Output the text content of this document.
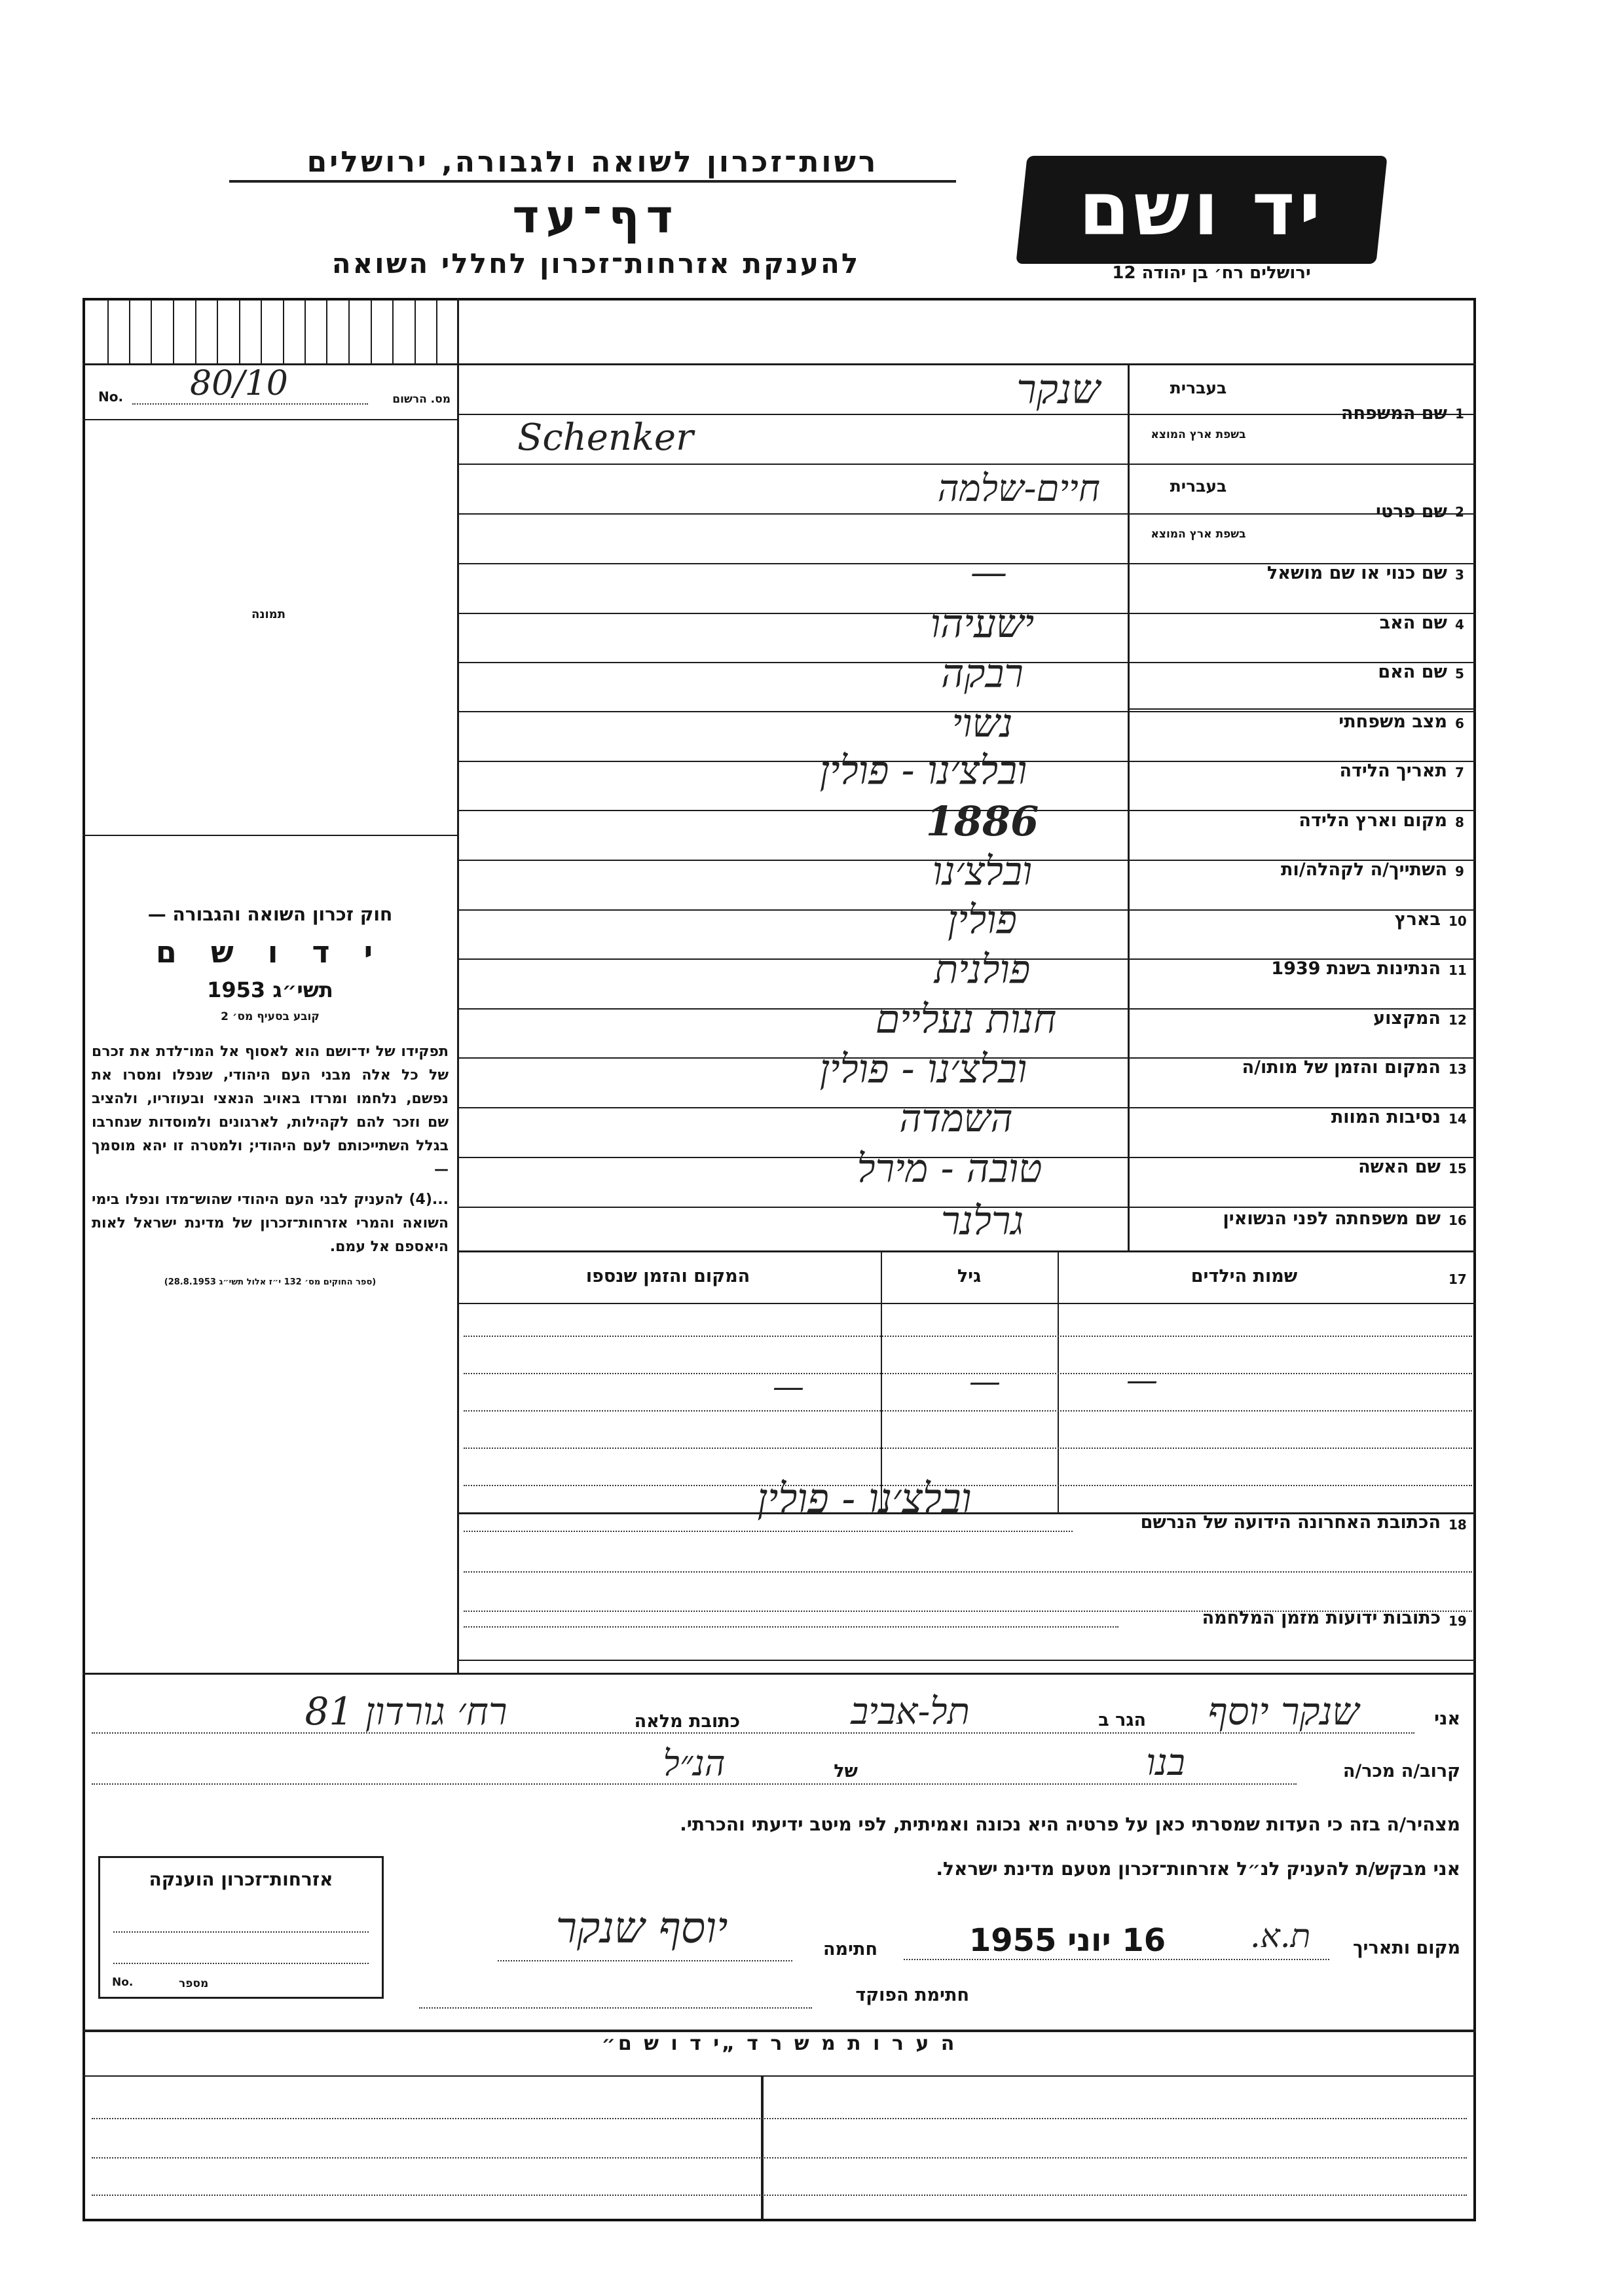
רשות־זכרון לשואה ולגבורה, ירושלים
דף־עד
להענקת אזרחות־זכרון לחללי השואה
יד ושם
ירושלים רח׳ בן יהודה 12
No. 80/10	מס. הרשום
תמונה
חוק זכרון השואה והגבורה —
י ד ו ש ם
תשי״ג 1953
קובע בסעיף מס׳ 2
תפקידו של יד־ושם הוא לאסוף אל המו־לדת את זכרם של כל אלה מבני העם היהודי, שנפלו ומסרו את נפשם, נלחמו ומרדו באויב הנאצי ובעוזריו, ולהציב שם וזכר להם לקהילות, לארגונים ולמוסדות שנחרבו בגלל השתייכותם לעם היהודי; ולמטרה זו יהא מוסמך —
...(4) להעניק לבני העם היהודי שהוש־מדו ונפלו בימי השואה והמרי אזרחות־זכרון של מדינת ישראל לאות היאספם אל עמם.
(ספר החוקים מס׳ 132 י״ז אלול תשי״ג 28.8.1953)
1
שם המשפחה
בעברית
בשפת ארץ המוצא
שנקר
Schenker
2
שם פרטי
בעברית
בשפת ארץ המוצא
חיים-שלמה
3
שם כנוי או שם מושאל
—
4
שם האב
ישעיהו
5
שם האם
רבקה
6
מצב משפחתי
נשוי
7
תאריך הלידה
ובלצ׳נו - פולין
8
מקום וארץ הלידה
1886
9
השתייך/ה לקהלה/ות
ובלצ׳נו
10
בארץ
פולין
11
הנתינות בשנת 1939
פולנית
12
המקצוע
חנות נעליים
13
המקום והזמן של מותו/ה
ובלצ׳נו - פולין
14
נסיבות המוות
השמדה
15
שם האשה
טובה - מירל
16
שם משפחתה לפני הנשואין
גרלנר
17
שמות הילדים
גיל
המקום והזמן שנספו
—
—
—
18
הכתובת האחרונה הידועה של הנרשם
ובלצ׳נו - פולין
19
כתובות ידועות מזמן המלחמה
אני
שנקר יוסף
הגר ב
תל-אביב
כתובת מלאה
רח׳ גורדון 81
קרוב/ה מכר/ה
בנו
של
הנ״ל
מצהיר/ה בזה כי העדות שמסרתי כאן על פרטיה היא נכונה ואמיתית, לפי מיטב ידיעתי והכרתי.
אני מבקש/ת להעניק לנ״ל אזרחות־זכרון מטעם מדינת ישראל.
מקום ותאריך
ת.א.
16 יוני 1955
חתימה
יוסף שנקר
חתימת הפוקד
אזרחות־זכרון הוענקה
No.	מספר
ה ע ר ו ת מ ש ר ד „י ד ו ש ם״
